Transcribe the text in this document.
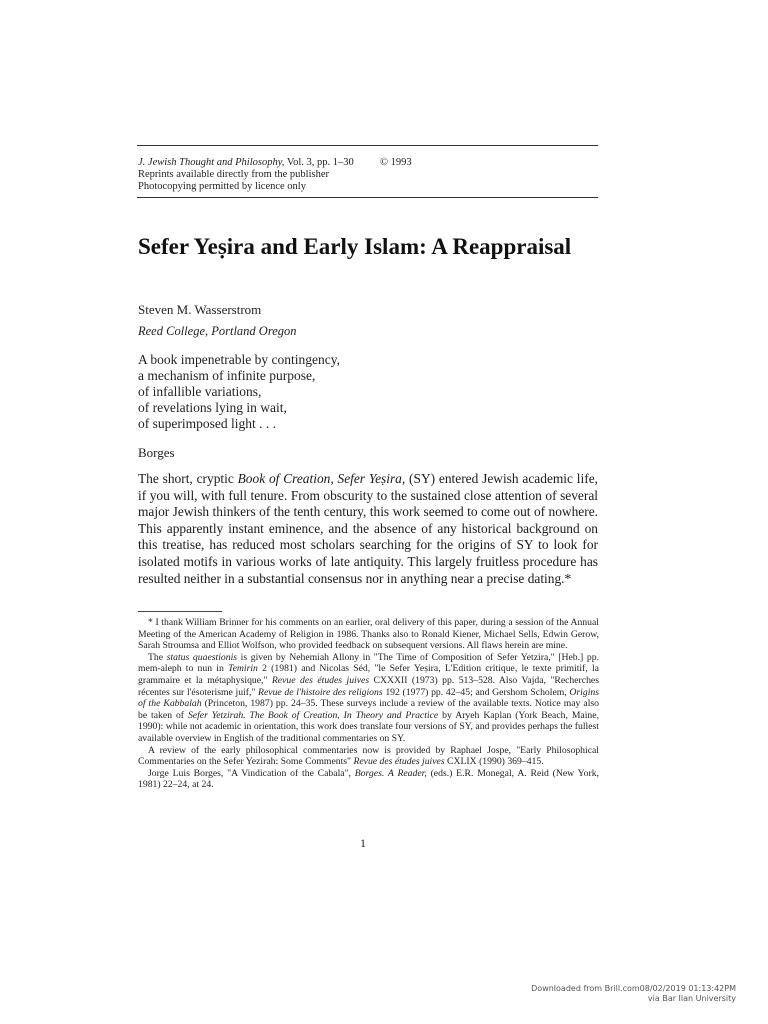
J. Jewish Thought and Philosophy, Vol. 3, pp. 1–30 © 1993
Reprints available directly from the publisher
Photocopying permitted by licence only
Sefer Yeṣira and Early Islam: A Reappraisal
Steven M. Wasserstrom
Reed College, Portland Oregon
A book impenetrable by contingency,
a mechanism of infinite purpose,
of infallible variations,
of revelations lying in wait,
of superimposed light . . .
Borges

The short, cryptic Book of Creation, Sefer Yeṣira, (SY) entered Jewish academic life, if you will, with full tenure. From obscurity to the sustained close attention of several major Jewish thinkers of the tenth century, this work seemed to come out of nowhere. This apparently instant eminence, and the absence of any historical background on this treatise, has reduced most scholars searching for the origins of SY to look for isolated motifs in various works of late antiquity. This largely fruitless procedure has resulted neither in a substantial consensus nor in anything near a precise dating.*

* I thank William Brinner for his comments on an earlier, oral delivery of this paper, during a session of the Annual Meeting of the American Academy of Religion in 1986. Thanks also to Ronald Kiener, Michael Sells, Edwin Gerow, Sarah Stroumsa and Elliot Wolfson, who provided feedback on subsequent versions. All flaws herein are mine.

The status quaestionis is given by Nehemiah Allony in "The Time of Composition of Sefer Yetzira," [Heb.] pp. mem-aleph to nun in Temirin 2 (1981) and Nicolas Séd, "le Sefer Yeṣira, L'Edition critique, le texte primitif, la grammaire et la métaphysique," Revue des études juives CXXXII (1973) pp. 513–528. Also Vajda, "Recherches récentes sur l'ésoterisme juif," Revue de l'histoire des religions 192 (1977) pp. 42–45; and Gershom Scholem, Origins of the Kabbalah (Princeton, 1987) pp. 24–35. These surveys include a review of the available texts. Notice may also be taken of Sefer Yetzirah. The Book of Creation, In Theory and Practice by Aryeh Kaplan (York Beach, Maine, 1990): while not academic in orientation, this work does translate four versions of SY, and provides perhaps the fullest available overview in English of the traditional commentaries on SY.

A review of the early philosophical commentaries now is provided by Raphael Jospe, "Early Philosophical Commentaries on the Sefer Yezirah: Some Comments" Revue des études juives CXLIX (1990) 369–415.

Jorge Luis Borges, "A Vindication of the Cabala", Borges. A Reader, (eds.) E.R. Monegal, A. Reid (New York, 1981) 22–24, at 24.

1
Downloaded from Brill.com08/02/2019 01:13:42PM
via Bar Ilan University
